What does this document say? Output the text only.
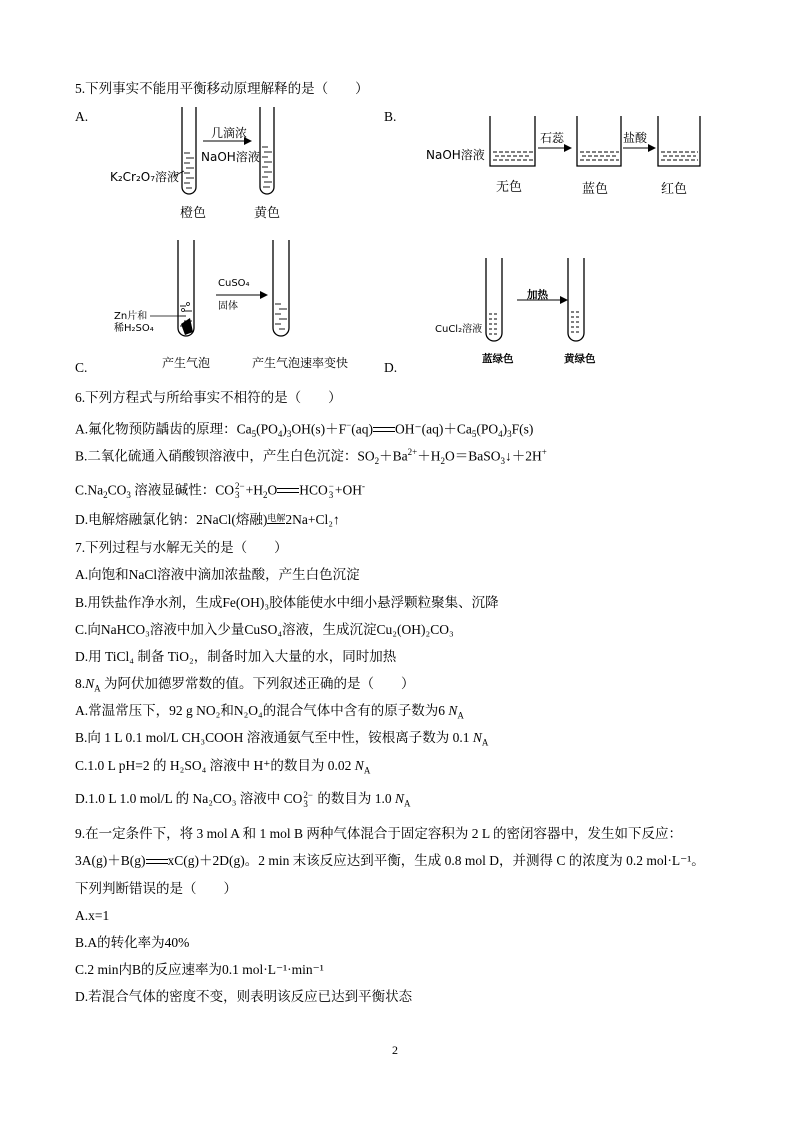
5.下列事实不能用平衡移动原理解释的是（　　）
A.
几滴浓
NaOH溶液
K₂Cr₂O₇溶液
橙色	黄色
B.
NaOH溶液
石蕊	盐酸
无色	蓝色	红色
C.
CuSO₄
固体
Zn片和
稀H₂SO₄
产生气泡	产生气泡速率变快	D.
加热
CuCl₂溶液
蓝绿色	黄绿色
6.下列方程式与所给事实不相符的是（　　）
A.氟化物预防龋齿的原理：$Ca_5(PO_4)_3OH(s)+F^-(aq)$ $OH^-(aq)+Ca_5(PO_4)_3F(s)$
B.二氧化硫通入硝酸钡溶液中，产生白色沉淀：$SO_2+Ba^{2+}+H_2O=BaSO_3↓+2H^+$
$C.Na_2CO_3$ 溶液显碱性：CO 2−
$3 +H_2O$ HCO −
3 +OH-
D.电解熔融氯化钠：2NaCl(熔融)电解2Na+Cl₂↑
7.下列过程与水解无关的是（　　）
A.向饱和NaCl溶液中滴加浓盐酸，产生白色沉淀
B.用铁盐作净水剂，生成Fe(OH)₃胶体能使水中细小悬浮颗粒聚集、沉降
C.向NaHCO₃溶液中加入少量CuSO₄溶液，生成沉淀Cu₂(OH)₂CO₃
D.用 TiCl₄ 制备 TiO₂，制备时加入大量的水，同时加热
$8.N_A$ 为阿伏加德罗常数的值。下列叙述正确的是（　　）
A.常温常压下，92 g NO₂和N₂O₄的混合气体中含有的原子数为6 $N_A$
B.向 1 L 0.1 mol/L CH₃COOH 溶液通氨气至中性，铵根离子数为 0.1 $N_A$
C.1.0 L pH=2 的 H₂SO₄ 溶液中 H⁺的数目为 0.02 $N_A$
D.1.0 L 1.0 mol/L 的 Na₂CO₃ 溶液中 CO 2−
3 的数目为 1.0 $N_A$
9.在一定条件下，将 3 mol A 和 1 mol B 两种气体混合于固定容积为 2 L 的密闭容器中，发生如下反应：
3A(g)＋B(g) xC(g)＋2D(g)。2 min 末该反应达到平衡，生成 0.8 mol D，并测得 C 的浓度为 0.2 mol·L⁻¹。
下列判断错误的是（　　）
A.x=1
B.A的转化率为40%
C.2 min内B的反应速率为0.1 mol·L⁻¹·min⁻¹
D.若混合气体的密度不变，则表明该反应已达到平衡状态
2
